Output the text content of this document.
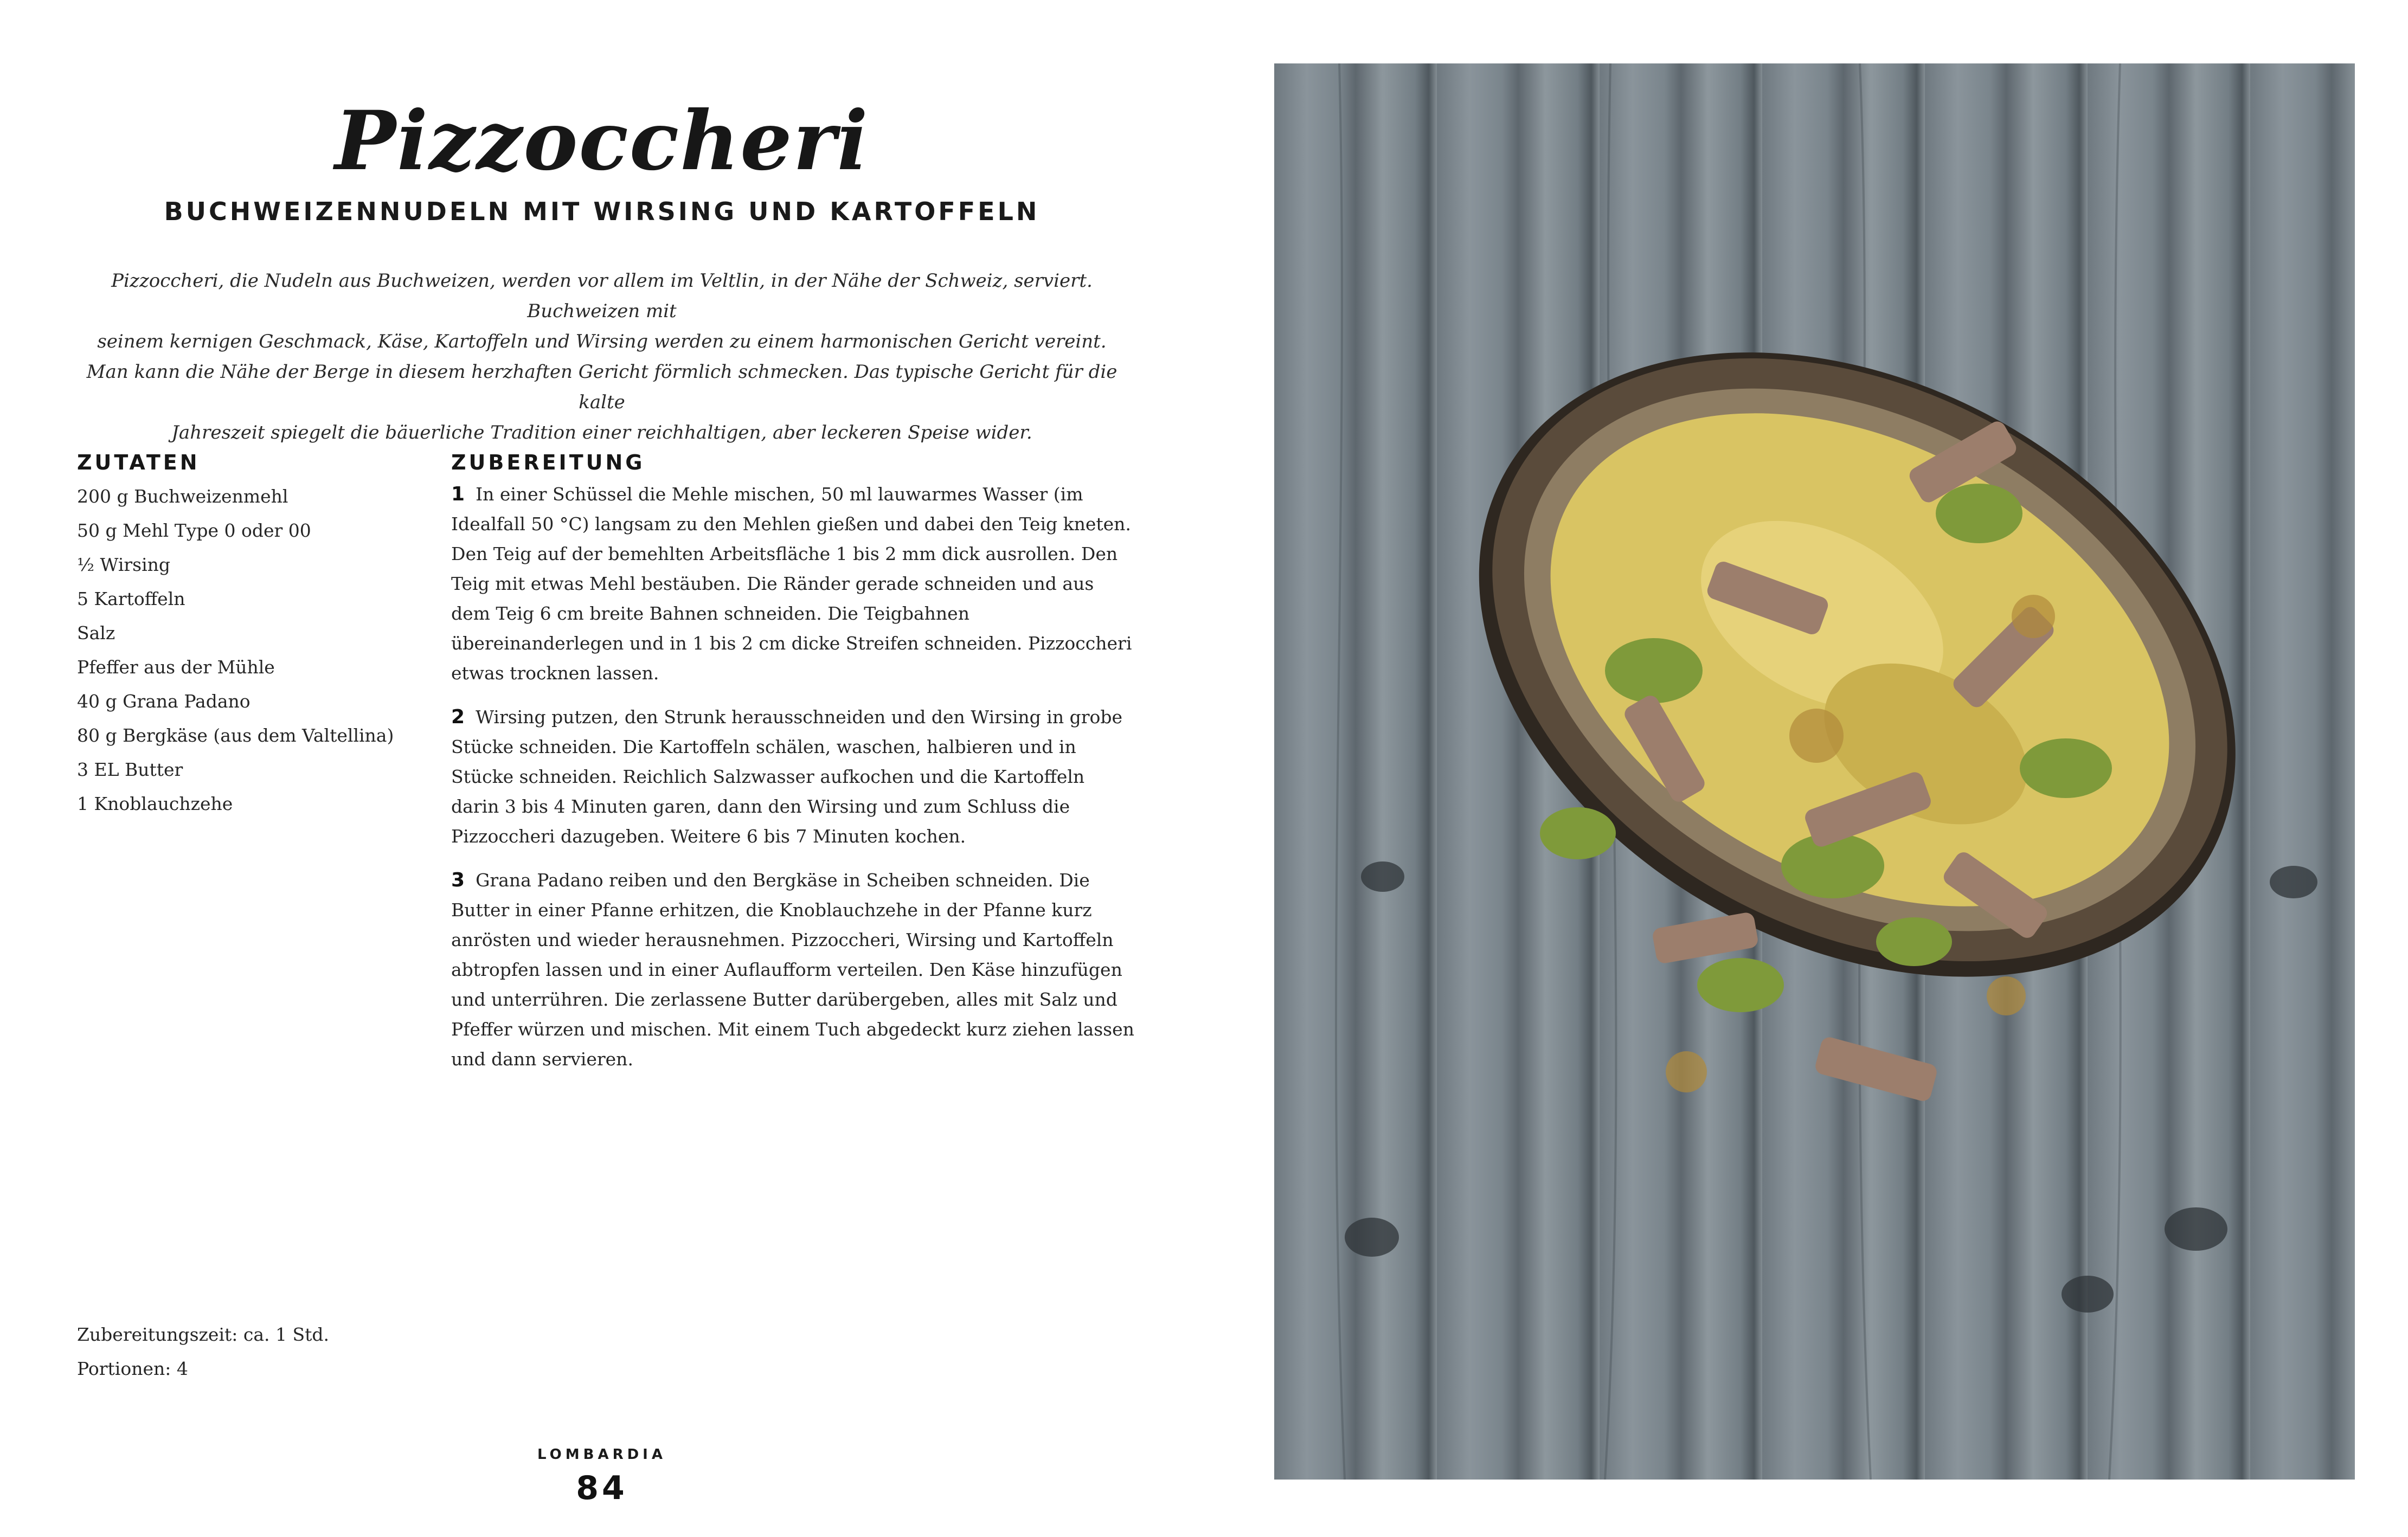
Pizzoccheri
BUCHWEIZENNUDELN MIT WIRSING UND KARTOFFELN

Pizzoccheri, die Nudeln aus Buchweizen, werden vor allem im Veltlin, in der Nähe der Schweiz, serviert. Buchweizen mit

seinem kernigen Geschmack, Käse, Kartoffeln und Wirsing werden zu einem harmonischen Gericht vereint.

Man kann die Nähe der Berge in diesem herzhaften Gericht förmlich schmecken. Das typische Gericht für die kalte

Jahreszeit spiegelt die bäuerliche Tradition einer reichhaltigen, aber leckeren Speise wider.

ZUTATEN
200 g Buchweizenmehl
50 g Mehl Type 0 oder 00
½ Wirsing
5 Kartoffeln
Salz
Pfeffer aus der Mühle
40 g Grana Padano
80 g Bergkäse (aus dem Valtellina)
3 EL Butter
1 Knoblauchzehe
ZUBEREITUNG

1 In einer Schüssel die Mehle mischen, 50 ml lauwarmes Wasser (im Idealfall 50 °C) langsam zu den Mehlen gießen und dabei den Teig kneten. Den Teig auf der bemehlten Arbeitsfläche 1 bis 2 mm dick ausrollen. Den Teig mit etwas Mehl bestäuben. Die Ränder gerade schneiden und aus dem Teig 6 cm breite Bahnen schneiden. Die Teigbahnen übereinanderlegen und in 1 bis 2 cm dicke Streifen schneiden. Pizzoccheri etwas trocknen lassen.

2 Wirsing putzen, den Strunk herausschneiden und den Wirsing in grobe Stücke schneiden. Die Kartoffeln schälen, waschen, halbieren und in Stücke schneiden. Reichlich Salzwasser aufkochen und die Kartoffeln darin 3 bis 4 Minuten garen, dann den Wirsing und zum Schluss die Pizzoccheri dazugeben. Weitere 6 bis 7 Minuten kochen.

3 Grana Padano reiben und den Bergkäse in Scheiben schneiden. Die Butter in einer Pfanne erhitzen, die Knoblauchzehe in der Pfanne kurz anrösten und wieder herausnehmen. Pizzoccheri, Wirsing und Kartoffeln abtropfen lassen und in einer Auflaufform verteilen. Den Käse hinzufügen und unterrühren. Die zerlassene Butter darübergeben, alles mit Salz und Pfeffer würzen und mischen. Mit einem Tuch abgedeckt kurz ziehen lassen und dann servieren.

Zubereitungszeit: ca. 1 Std.
Portionen: 4
LOMBARDIA
84
